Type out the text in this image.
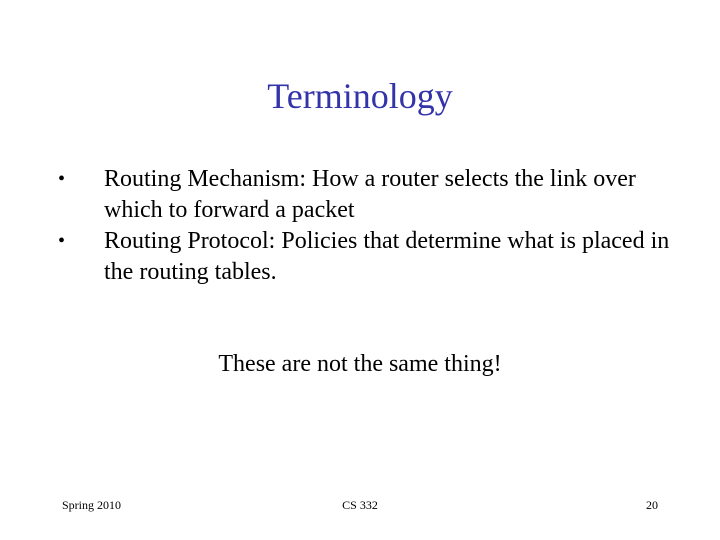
Terminology
• Routing Mechanism: How a router selects the link over which to forward a packet
• Routing Protocol: Policies that determine what is placed in the routing tables.
These are not the same thing!
Spring 2010	CS 332	20
